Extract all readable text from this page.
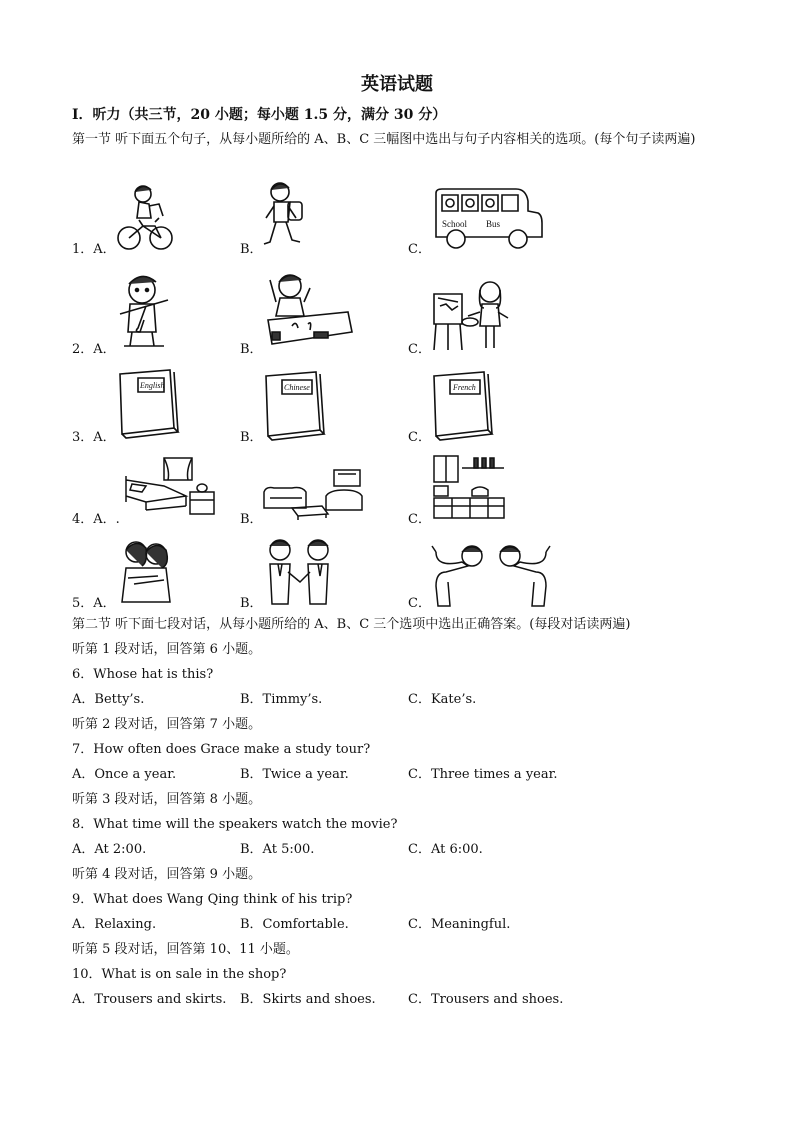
英语试题
Ⅰ．听力（共三节，20 小题；每小题 1.5 分，满分 30 分）
第一节 听下面五个句子，从每小题所给的 A、B、C 三幅图中选出与句子内容相关的选项。(每个句子读两遍)
1．A．	B．	C．
School Bus
2．A．	B．	C．
3．A．	B．	C．
English	Chinese	French
4．A．.	B．	C．
5．A．	B．	C．
第二节 听下面七段对话，从每小题所给的 A、B、C 三个选项中选出正确答案。(每段对话读两遍)
听第 1 段对话，回答第 6 小题。
6．Whose hat is this?
A．Betty’s.	B．Timmy’s.	C．Kate’s.
听第 2 段对话，回答第 7 小题。
7．How often does Grace make a study tour?
A．Once a year.	B．Twice a year.	C．Three times a year.
听第 3 段对话，回答第 8 小题。
8．What time will the speakers watch the movie?
A．At 2:00.	B．At 5:00.	C．At 6:00.
听第 4 段对话，回答第 9 小题。
9．What does Wang Qing think of his trip?
A．Relaxing.	B．Comfortable.	C．Meaningful.
听第 5 段对话，回答第 10、11 小题。
10．What is on sale in the shop?
A．Trousers and skirts. B．Skirts and shoes. C．Trousers and shoes.
